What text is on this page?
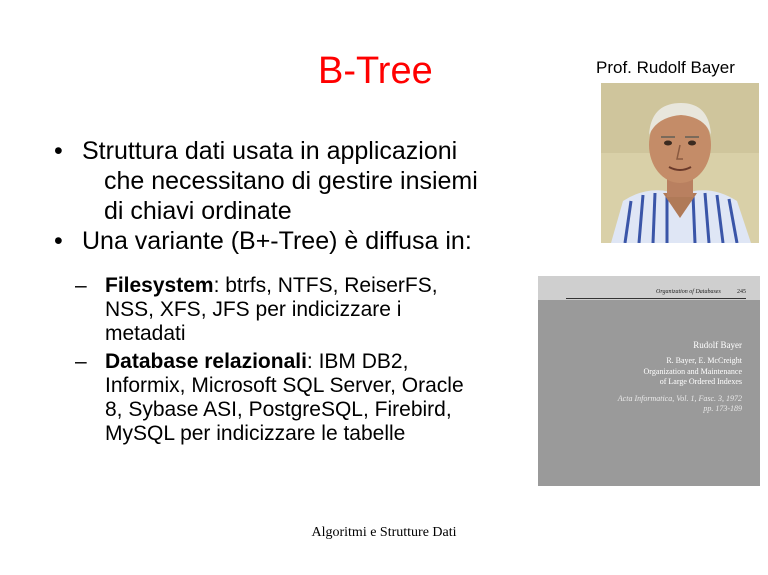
B-Tree	Prof. Rudolf Bayer
• Struttura dati usata in applicazioni
che necessitano di gestire insiemi
di chiavi ordinate
• Una variante (B+-Tree) è diffusa in:
– Filesystem: btrfs, NTFS, ReiserFS,
NSS, XFS, JFS per indicizzare i
metadati
– Database relazionali: IBM DB2,
Informix, Microsoft SQL Server, Oracle
8, Sybase ASI, PostgreSQL, Firebird,
MySQL per indicizzare le tabelle
Organization of Databases	245
Rudolf Bayer
R. Bayer, E. McCreight
Organization and Maintenance
of Large Ordered Indexes
Acta Informatica, Vol. 1, Fasc. 3, 1972
pp. 173-189
Algoritmi e Strutture Dati
